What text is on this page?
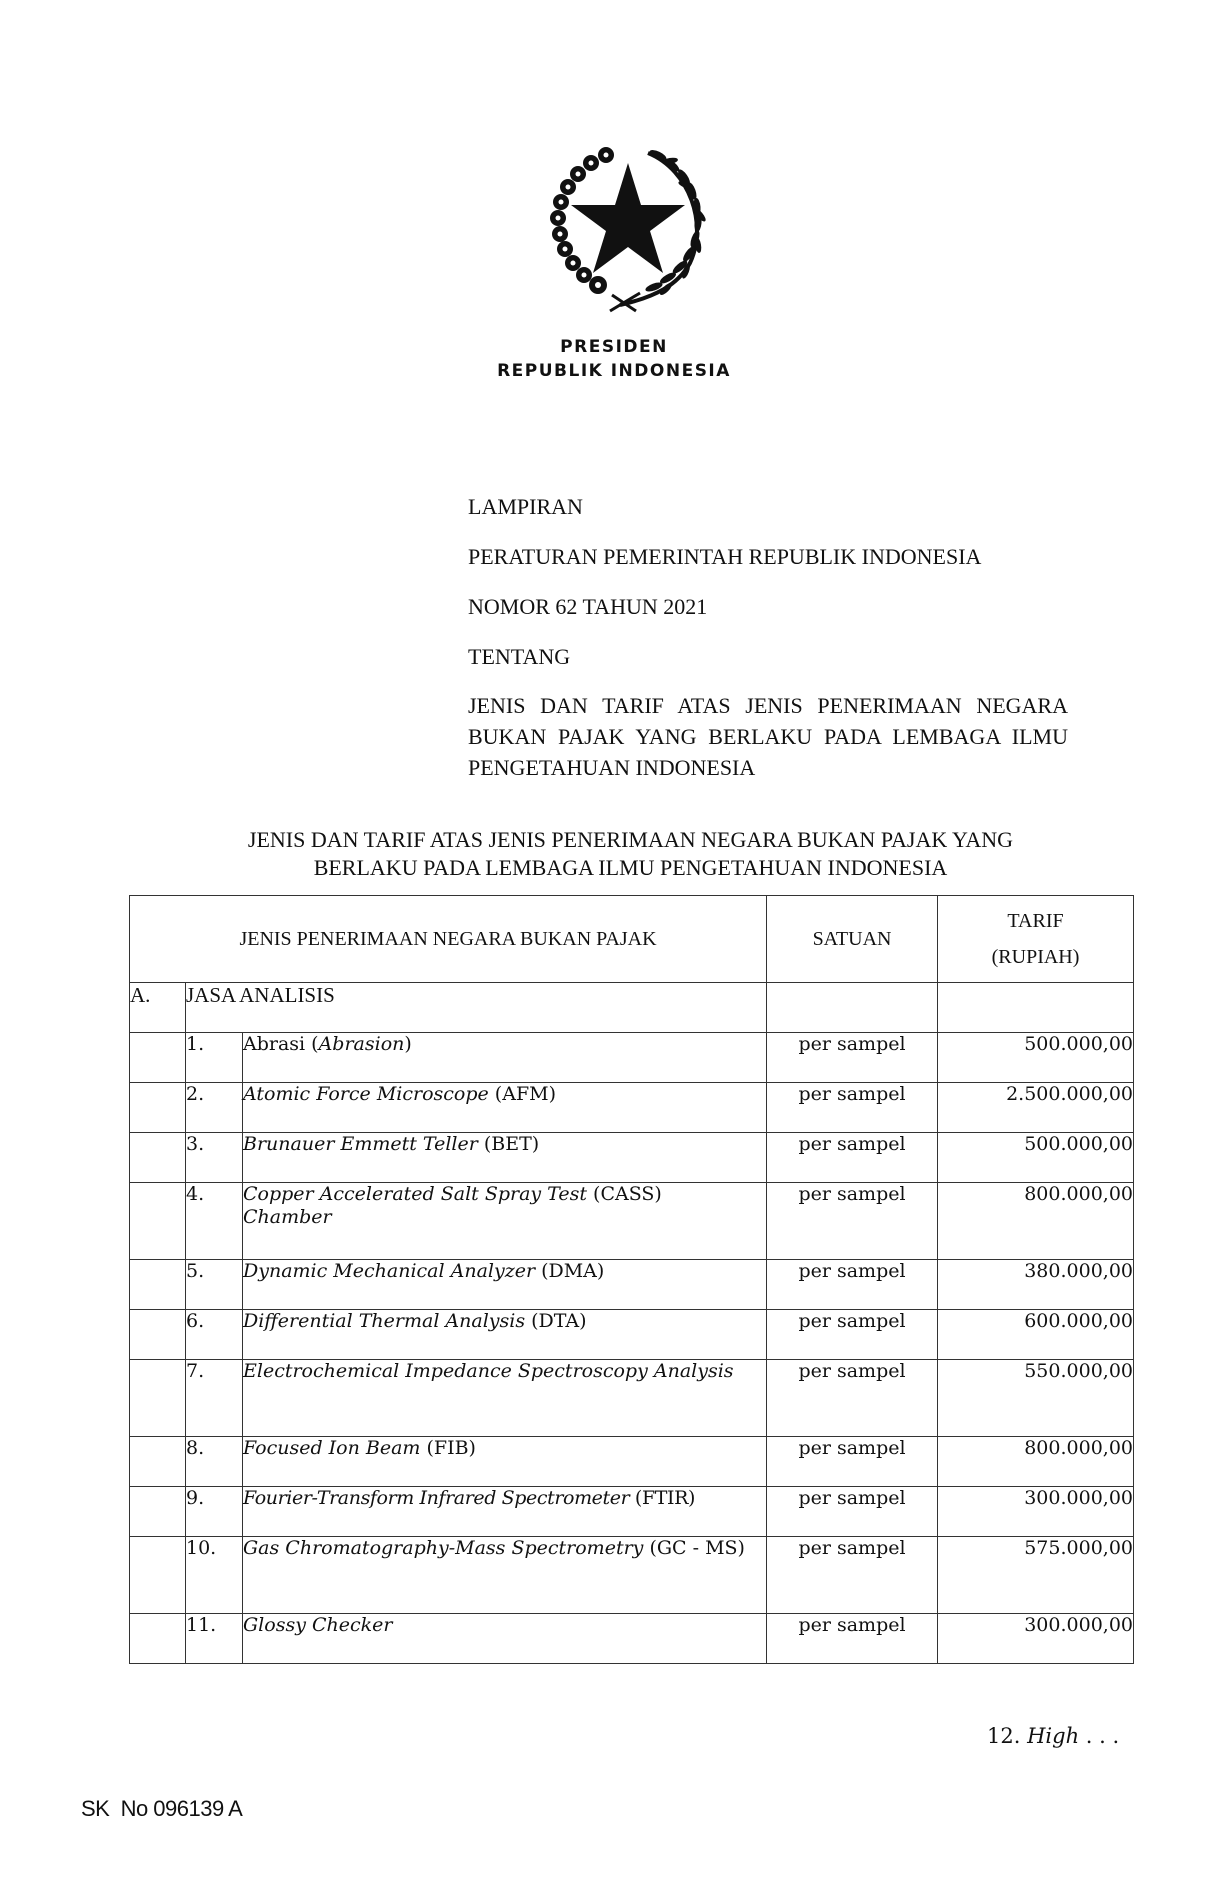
PRESIDEN
REPUBLIK INDONESIA
LAMPIRAN
PERATURAN PEMERINTAH REPUBLIK INDONESIA
NOMOR 62 TAHUN 2021
TENTANG
JENIS DAN TARIF ATAS JENIS PENERIMAAN NEGARA BUKAN PAJAK YANG BERLAKU PADA LEMBAGA ILMU PENGETAHUAN INDONESIA
JENIS DAN TARIF ATAS JENIS PENERIMAAN NEGARA BUKAN PAJAK YANG
BERLAKU PADA LEMBAGA ILMU PENGETAHUAN INDONESIA
JENIS PENERIMAAN NEGARA BUKAN PAJAK			SATUAN	TARIF
(RUPIAH)

A.	JASA ANALISIS			
	1.	Abrasi (Abrasion)	per sampel	500.000,00
	2.	Atomic Force Microscope (AFM)	per sampel	2.500.000,00
	3.	Brunauer Emmett Teller (BET)	per sampel	500.000,00
	4.	Copper Accelerated Salt Spray Test (CASS)
Chamber	per sampel	800.000,00
	5.	Dynamic Mechanical Analyzer (DMA)	per sampel	380.000,00
	6.	Differential Thermal Analysis (DTA)	per sampel	600.000,00
	7.	Electrochemical Impedance Spectroscopy Analysis	per sampel	550.000,00
	8.	Focused Ion Beam (FIB)	per sampel	800.000,00
	9.	Fourier-Transform Infrared Spectrometer (FTIR)	per sampel	300.000,00
	10.	Gas Chromatography-Mass Spectrometry (GC - MS)	per sampel	575.000,00
	11.	Glossy Checker	per sampel	300.000,00
12. High . . .
SK  No 096139 A
